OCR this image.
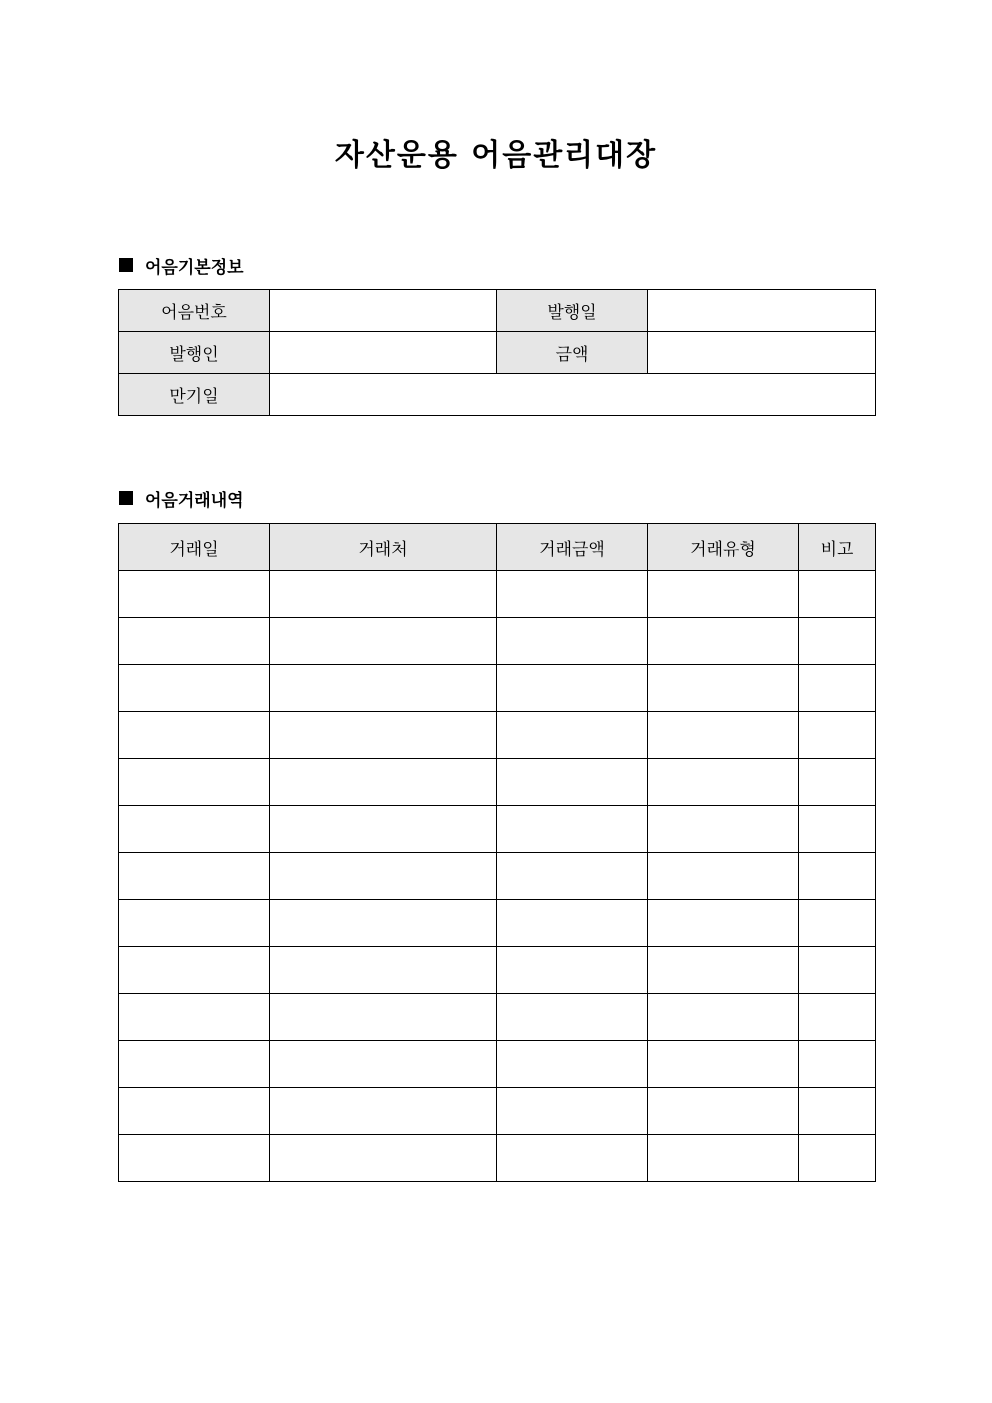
자산운용 어음관리대장
어음기본정보
어음번호		발행일	
발행인		금액	
만기일			
어음거래내역
거래일	거래처	거래금액	거래유형	비고
